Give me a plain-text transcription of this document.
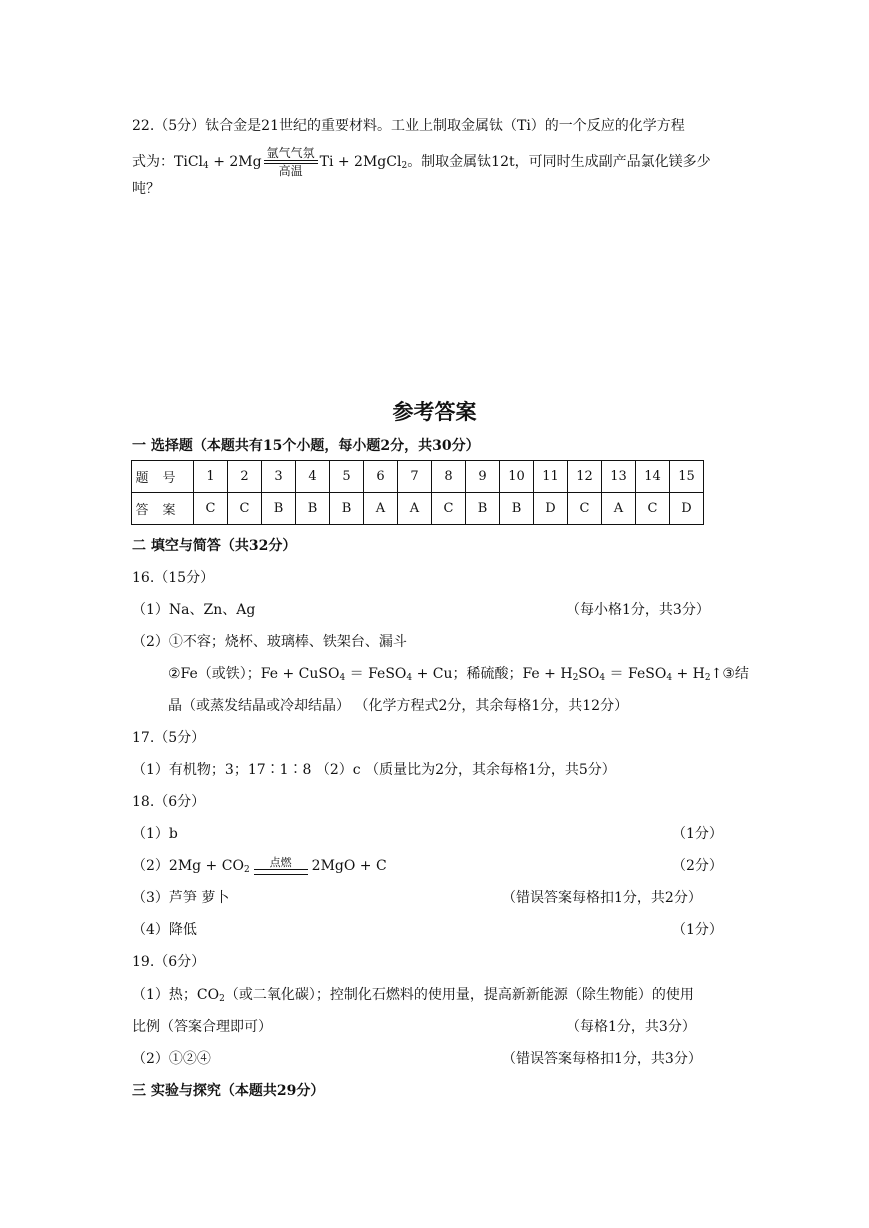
22.（5分）钛合金是21世纪的重要材料。工业上制取金属钛（Ti）的一个反应的化学方程
式为：TiCl$_4$ + 2Mg
氩气气氛
高温
Ti + 2MgCl$_2$。制取金属钛12t，可同时生成副产品氯化镁多少
吨？
参考答案
一 选择题（本题共有15个小题，每小题2分，共30分）
题号	1	2	3	4	5	6	7	8	9	10	11	12	13	14	15
答案	C	C	B	B	B	A	A	C	B	B	D	C	A	C	D
二 填空与简答（共32分）
16.（15分）
（1）Na、Zn、Ag	（每小格1分，共3分）
（2）①不容；烧杯、玻璃棒、铁架台、漏斗
②Fe（或铁）；Fe + CuSO$_4$ ＝ FeSO$_4$ + Cu；稀硫酸；$Fe + H_2SO_4$ ＝ FeSO$_4$ + $H_2↑③$结
晶（或蒸发结晶或冷却结晶） （化学方程式2分，其余每格1分，共12分）
17.（5分）
（1）有机物；3；17∶1∶8 （2）c （质量比为2分，其余每格1分，共5分）
18.（6分）
（1）b	（1分）
$(2)2Mg + CO_2$
点燃	2MgO + C	（2分）
（3）芦笋 萝卜	（错误答案每格扣1分，共2分）
（4）降低	（1分）
19.（6分）
（1）热；$CO_2$（或二氧化碳）；控制化石燃料的使用量，提高新新能源（除生物能）的使用
比例（答案合理即可）	（每格1分，共3分）
（2）①②④	（错误答案每格扣1分，共3分）
三 实验与探究（本题共29分）
